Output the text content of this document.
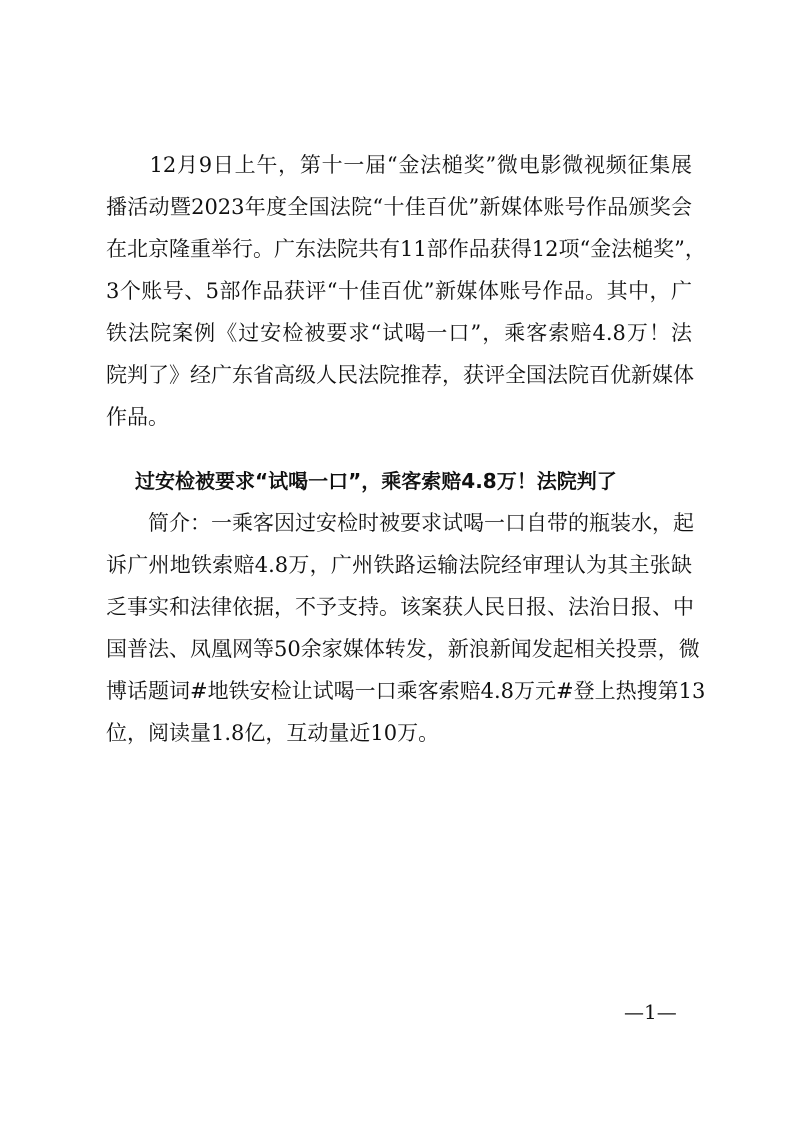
　　12月9日上午，第十一届“金法槌奖”微电影微视频征集展
播活动暨2023年度全国法院“十佳百优”新媒体账号作品颁奖会
在北京隆重举行。广东法院共有11部作品获得12项“金法槌奖”，
3个账号、5部作品获评“十佳百优”新媒体账号作品。其中，广
铁法院案例《过安检被要求“试喝一口”，乘客索赔4.8万！法
院判了》经广东省高级人民法院推荐，获评全国法院百优新媒体
作品。
过安检被要求“试喝一口”，乘客索赔4.8万！法院判了
　　简介：一乘客因过安检时被要求试喝一口自带的瓶装水，起
诉广州地铁索赔4.8万，广州铁路运输法院经审理认为其主张缺
乏事实和法律依据，不予支持。该案获人民日报、法治日报、中
国普法、凤凰网等50余家媒体转发，新浪新闻发起相关投票，微
博话题词#地铁安检让试喝一口乘客索赔4.8万元#登上热搜第13
位，阅读量1.8亿，互动量近10万。
—1—
